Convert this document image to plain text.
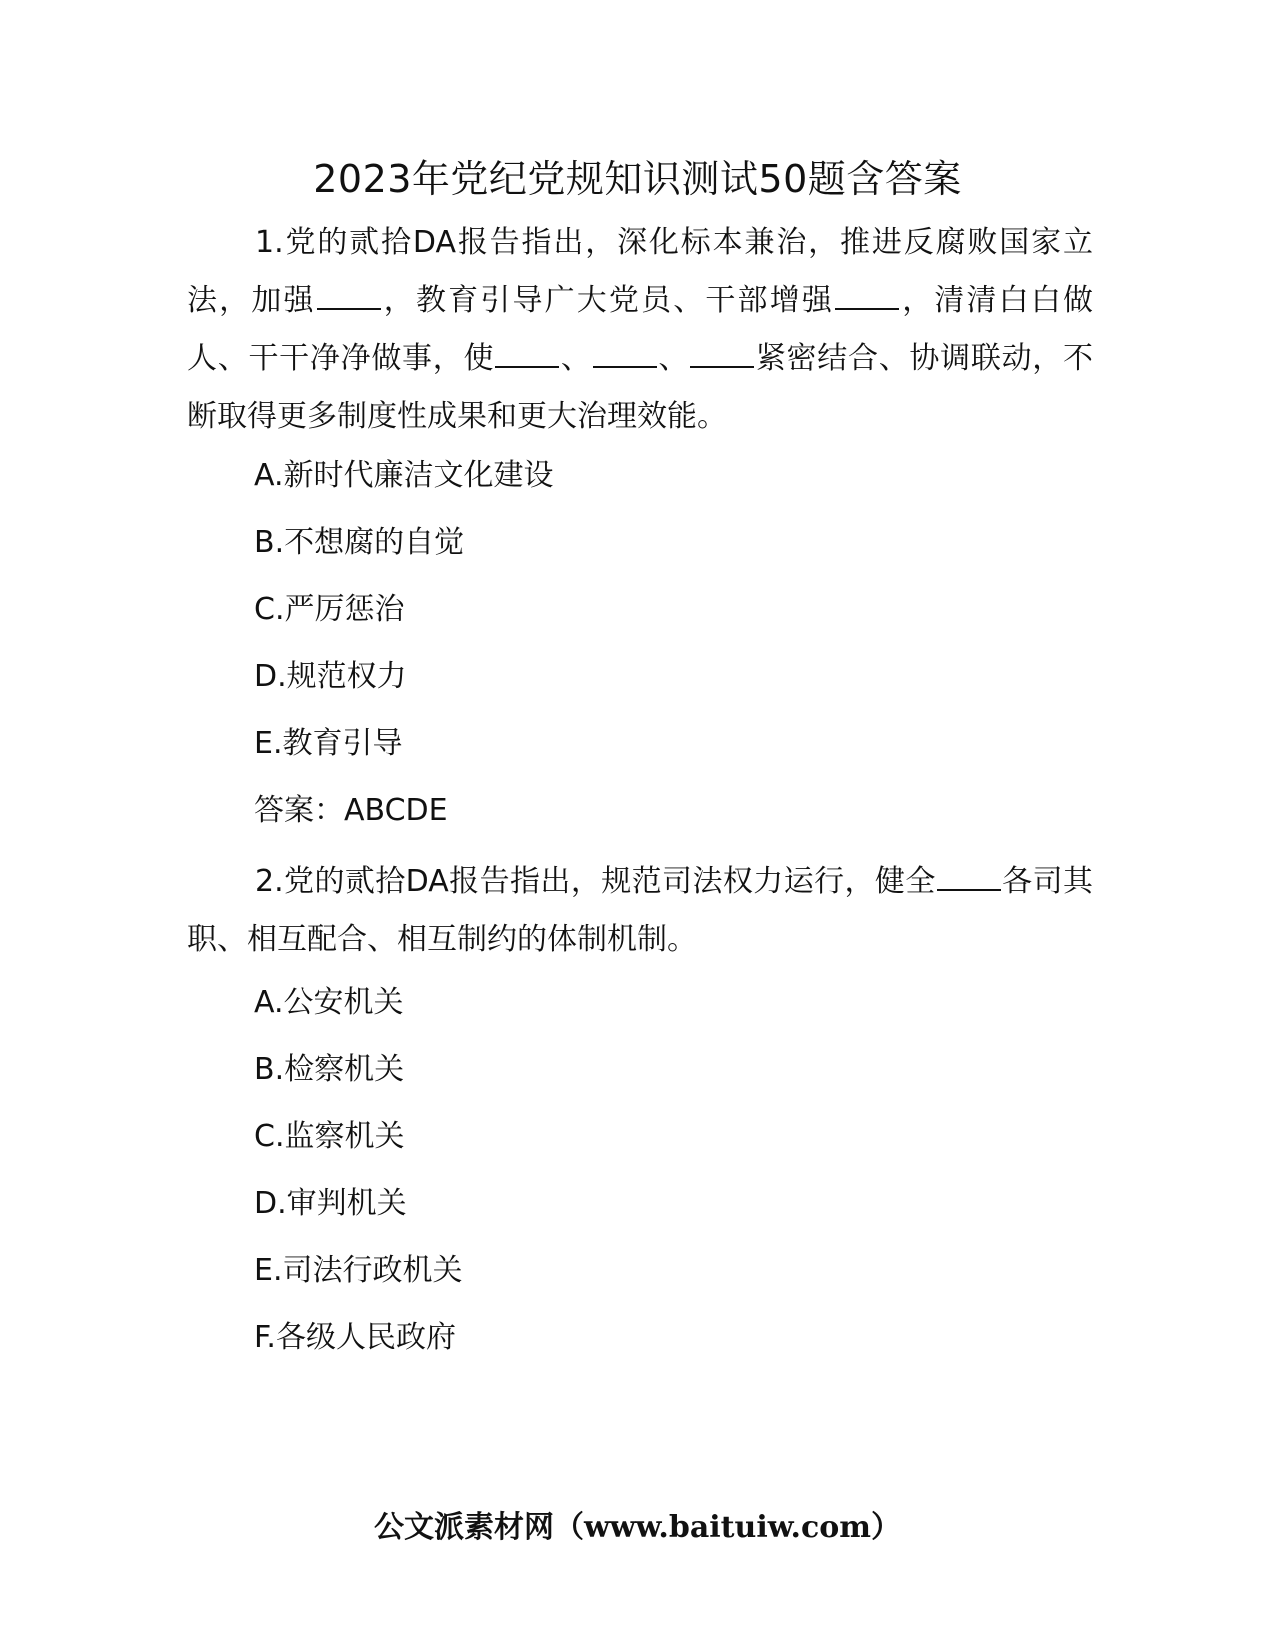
2023年党纪党规知识测试50题含答案

1.党的贰拾DA报告指出，深化标本兼治，推进反腐败国家立法，加强 ，教育引导广大党员、干部增强 ，清清白白做人、干干净净做事，使 、 、 紧密结合、协调联动，不断取得更多制度性成果和更大治理效能。

A.新时代廉洁文化建设
B.不想腐的自觉
C.严厉惩治
D.规范权力
E.教育引导
答案：ABCDE

2.党的贰拾DA报告指出，规范司法权力运行，健全 各司其职、相互配合、相互制约的体制机制。

A.公安机关
B.检察机关
C.监察机关
D.审判机关
E.司法行政机关
F.各级人民政府
公文派素材网（www.baituiw.com）
